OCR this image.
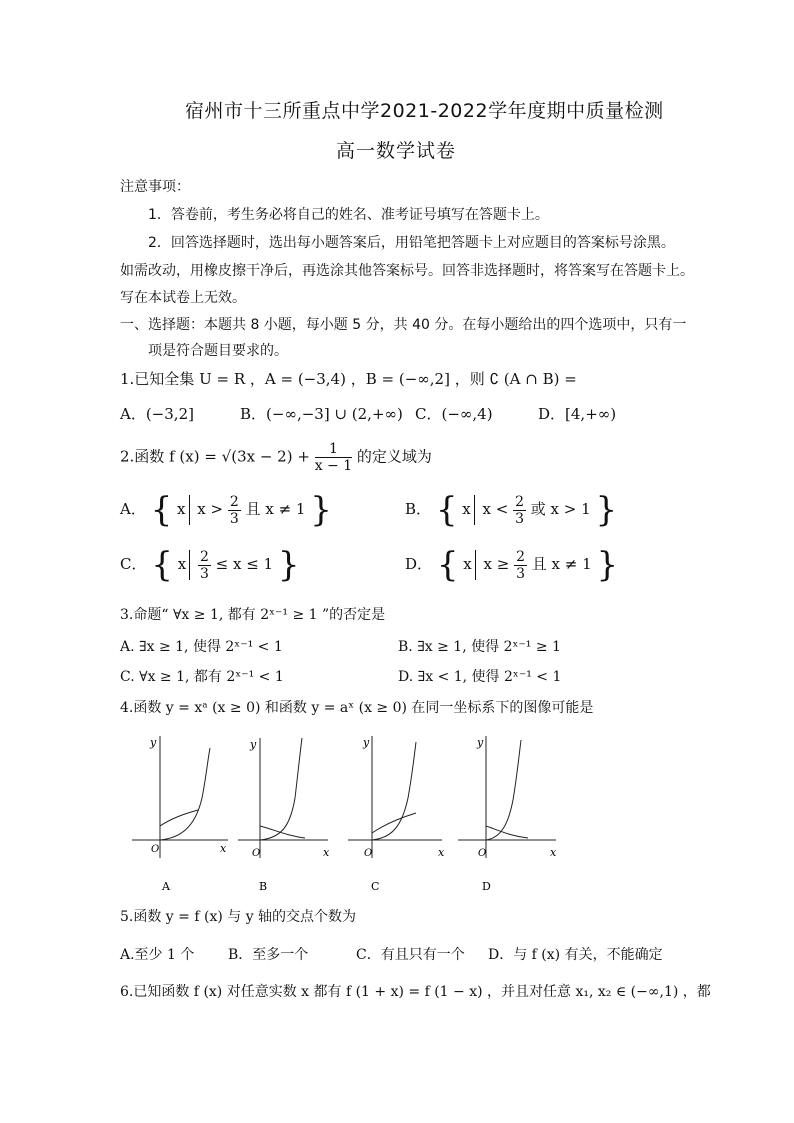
宿州市十三所重点中学2021-2022学年度期中质量检测
高一数学试卷
注意事项：
1．答卷前，考生务必将自己的姓名、准考证号填写在答题卡上。
2．回答选择题时，选出每小题答案后，用铅笔把答题卡上对应题目的答案标号涂黑。
如需改动，用橡皮擦干净后，再选涂其他答案标号。回答非选择题时，将答案写在答题卡上。
写在本试卷上无效。
一、选择题：本题共 8 小题，每小题 5 分，共 40 分。在每小题给出的四个选项中，只有一
项是符合题目要求的。
1.已知全集 U = R ，A = (−3,4) ，B = (−∞,2] ，则 ∁ (A ∩ B) =
A．(−3,2]	B．(−∞,−3] ∪ (2,+∞) C．(−∞,4)	D．[4,+∞)
2.函数 f $(x) = √(3x - 2) + \frac{1}{x - 1}$ 的定义域为
A． { x $x > \frac{2}{3}$ 且 x ≠ 1 }	B． { x $x < \frac{2}{3}$ 或 x > 1 }
C． { x $\frac{2}{3} \le x \le 1$ }	D． { x $x \ge \frac{2}{3}$ 且 x ≠ 1 }
3.命题“ ∀x ≥ 1, 都有 2ˣ⁻¹ ≥ 1 ”的否定是
A. ∃x ≥ 1, 使得 2ˣ⁻¹ < 1	B. ∃x ≥ 1, 使得 2ˣ⁻¹ ≥ 1
C. ∀x ≥ 1, 都有 2ˣ⁻¹ < 1	D. ∃x < 1, 使得 2ˣ⁻¹ < 1
4.函数 y = xᵃ (x ≥ 0) 和函数 y = aˣ (x ≥ 0) 在同一坐标系下的图像可能是
y
x
O
A
y
x
O
B
y
x
O
C
y
x
O
D
5.函数 y = f (x) 与 y 轴的交点个数为
A.至少 1 个 B．至多一个	C．有且只有一个 D．与 f (x) 有关，不能确定
6.已知函数 f (x) 对任意实数 x 都有 f (1 + x) = f (1 − x) ，并且对任意 x₁, x₂ ∈ (−∞,1) ，都
